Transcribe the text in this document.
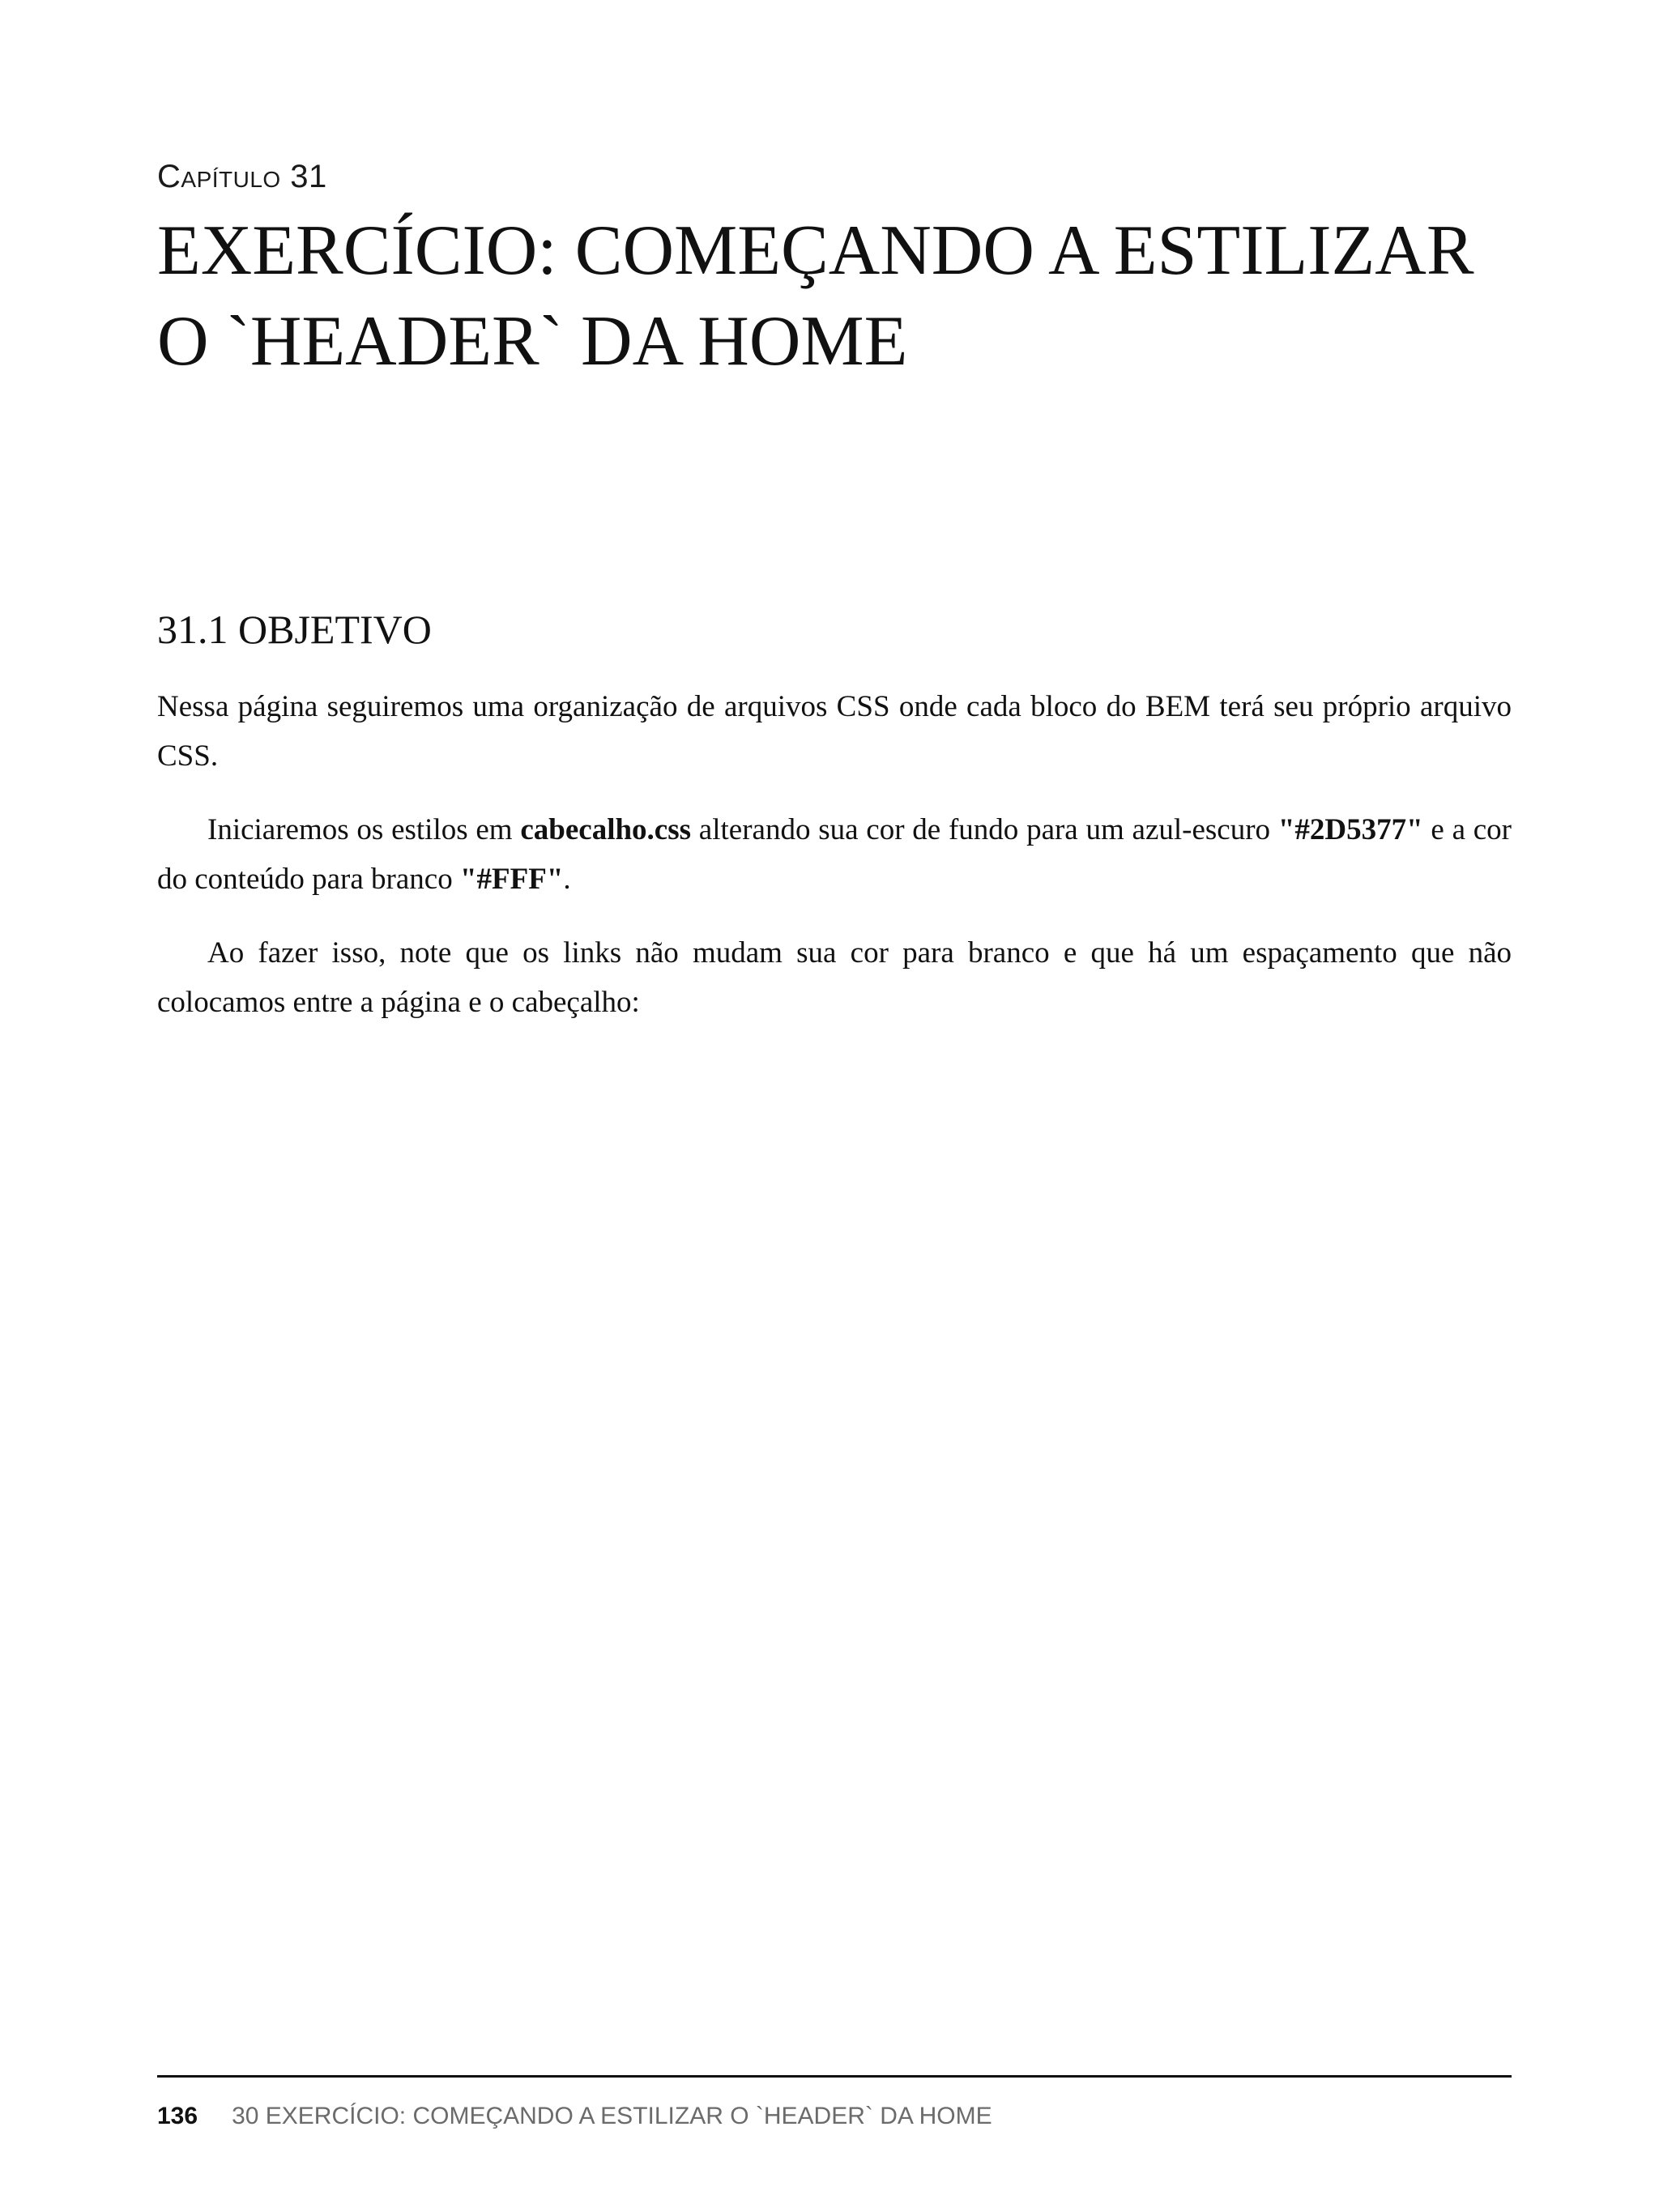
Capítulo 31

EXERCÍCIO: COMEÇANDO A ESTILIZAR
O `HEADER` DA HOME
31.1 OBJETIVO

Nessa página seguiremos uma organização de arquivos CSS onde cada bloco do BEM terá seu próprio arquivo CSS.

Iniciaremos os estilos em cabecalho.css alterando sua cor de fundo para um azul-escuro "#2D5377" e a cor do conteúdo para branco "#FFF".

Ao fazer isso, note que os links não mudam sua cor para branco e que há um espaçamento que não colocamos entre a página e o cabeçalho:

136 30 EXERCÍCIO: COMEÇANDO A ESTILIZAR O `HEADER` DA HOME
